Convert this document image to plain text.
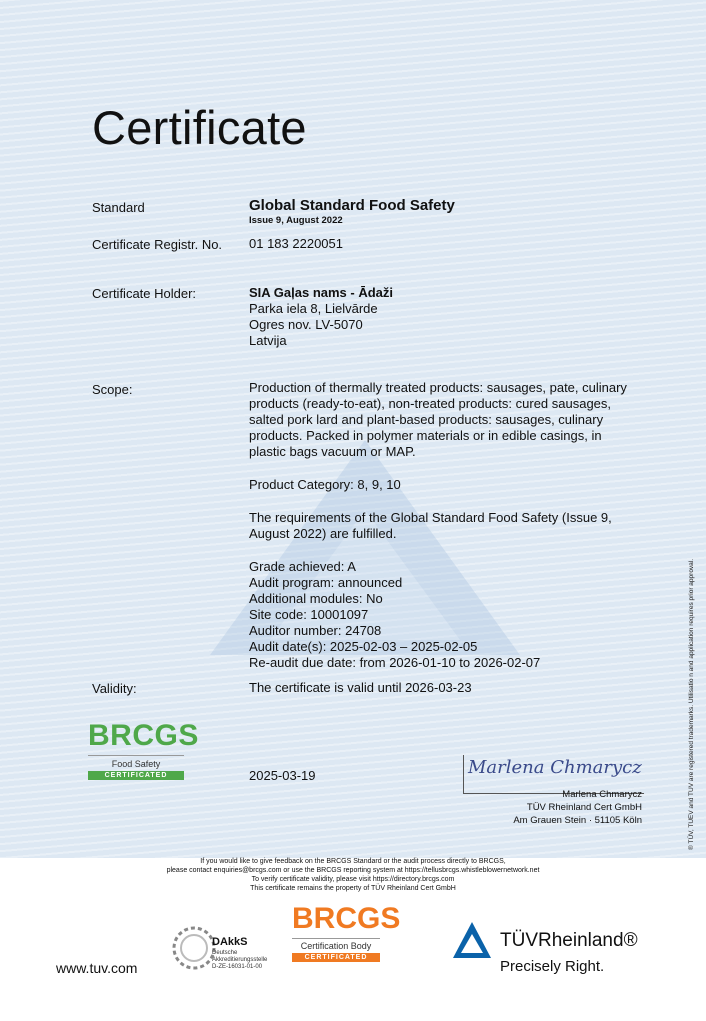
Certificate
Standard	Global Standard Food Safety
Issue 9, August 2022
Certificate Registr. No. 01 183 2220051
Certificate Holder:	SIA Gaļas nams - Ādaži
Parka iela 8, Lielvārde
Ogres nov. LV-5070
Latvija
Scope:	Production of thermally treated products: sausages, pate, culinary
products (ready-to-eat), non-treated products: cured sausages,
salted pork lard and plant-based products: sausages, culinary
products. Packed in polymer materials or in edible casings, in
plastic bags vacuum or MAP.
Product Category: 8, 9, 10
The requirements of the Global Standard Food Safety (Issue 9,
August 2022) are fulfilled.
Grade achieved: A
Audit program: announced
Additional modules: No
Site code: 10001097
Auditor number: 24708
Audit date(s): 2025-02-03 – 2025-02-05
Re-audit due date: from 2026-01-10 to 2026-02-07
Validity:	The certificate is valid until 2026-03-23
BRCGS
Food Safety
CERTIFICATED	2025-03-19	Marlena Chmarycz
Marlena Chmarycz
TÜV Rheinland Cert GmbH
Am Grauen Stein · 51105 Köln	® TÜV, TUEV and TUV are registered trademarks. Utilisatio n and application requires prior approval.
If you would like to give feedback on the BRCGS Standard or the audit process directly to BRCGS,
please contact enquiries@brcgs.com or use the BRCGS reporting system at https://tellusbrcgs.whistleblowernetwork.net
To verify certificate validity, please visit https://directory.brcgs.com
This certificate remains the property of TÜV Rheinland Cert GmbH
www.tuv.com
DAkkS
Deutsche
Akkreditierungsstelle
D-ZE-16031-01-00
BRCGS
Certification Body
CERTIFICATED
TÜVRheinland®
Precisely Right.
